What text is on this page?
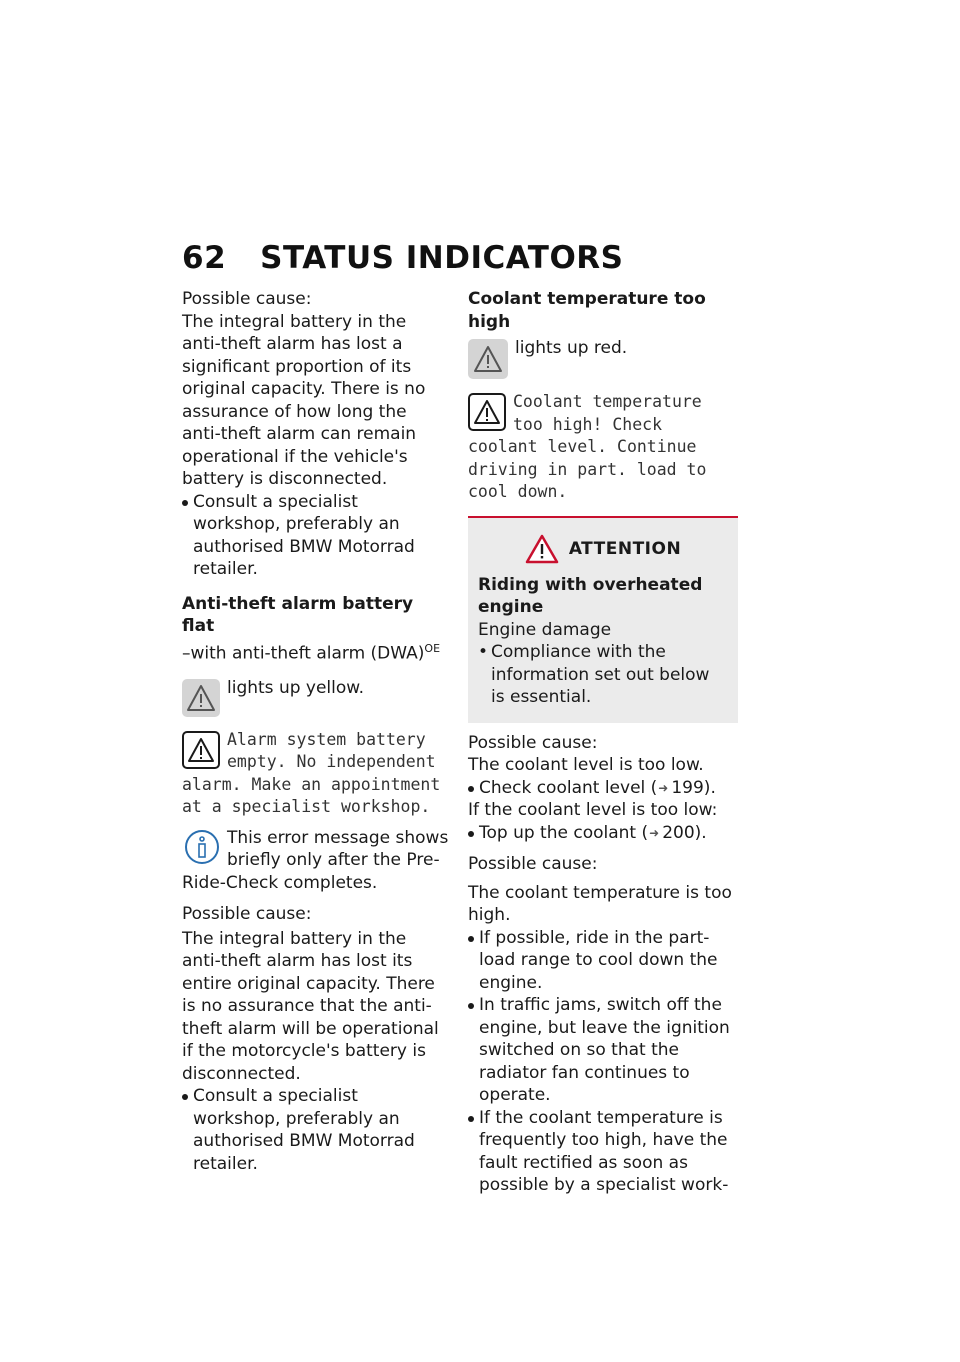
62 STATUS INDICATORS

Possible cause:

The integral battery in the anti-theft alarm has lost a significant proportion of its original capacity. There is no assurance of how long the anti-theft alarm can remain operational if the vehicle's battery is disconnected.

Consult a specialist workshop, preferably an authorised BMW Motorrad retailer.
Anti-theft alarm battery flat

–with anti-theft alarm (DWA)$^{OE}$

lights up yellow.

Alarm system battery empty. No independent alarm. Make an appointment at a specialist workshop.

This error message shows briefly only after the Pre-Ride-Check completes.

Possible cause:

The integral battery in the anti-theft alarm has lost its entire original capacity. There is no assurance that the anti-theft alarm will be operational if the motorcycle's battery is disconnected.

Consult a specialist workshop, preferably an authorised BMW Motorrad retailer.
Coolant temperature too high

lights up red.

Coolant temperature too high! Check coolant level. Continue driving in part. load to cool down.
ATTENTION
Riding with overheated engine

Engine damage

• Compliance with the information set out below is essential.

Possible cause:

The coolant level is too low.

Check coolant level (➜ 199).

If the coolant level is too low:

Top up the coolant (➜ 200).

Possible cause:

The coolant temperature is too high.

If possible, ride in the part-load range to cool down the engine.
In traffic jams, switch off the engine, but leave the ignition switched on so that the radiator fan continues to operate.
If the coolant temperature is frequently too high, have the fault rectified as soon as possible by a specialist work-
